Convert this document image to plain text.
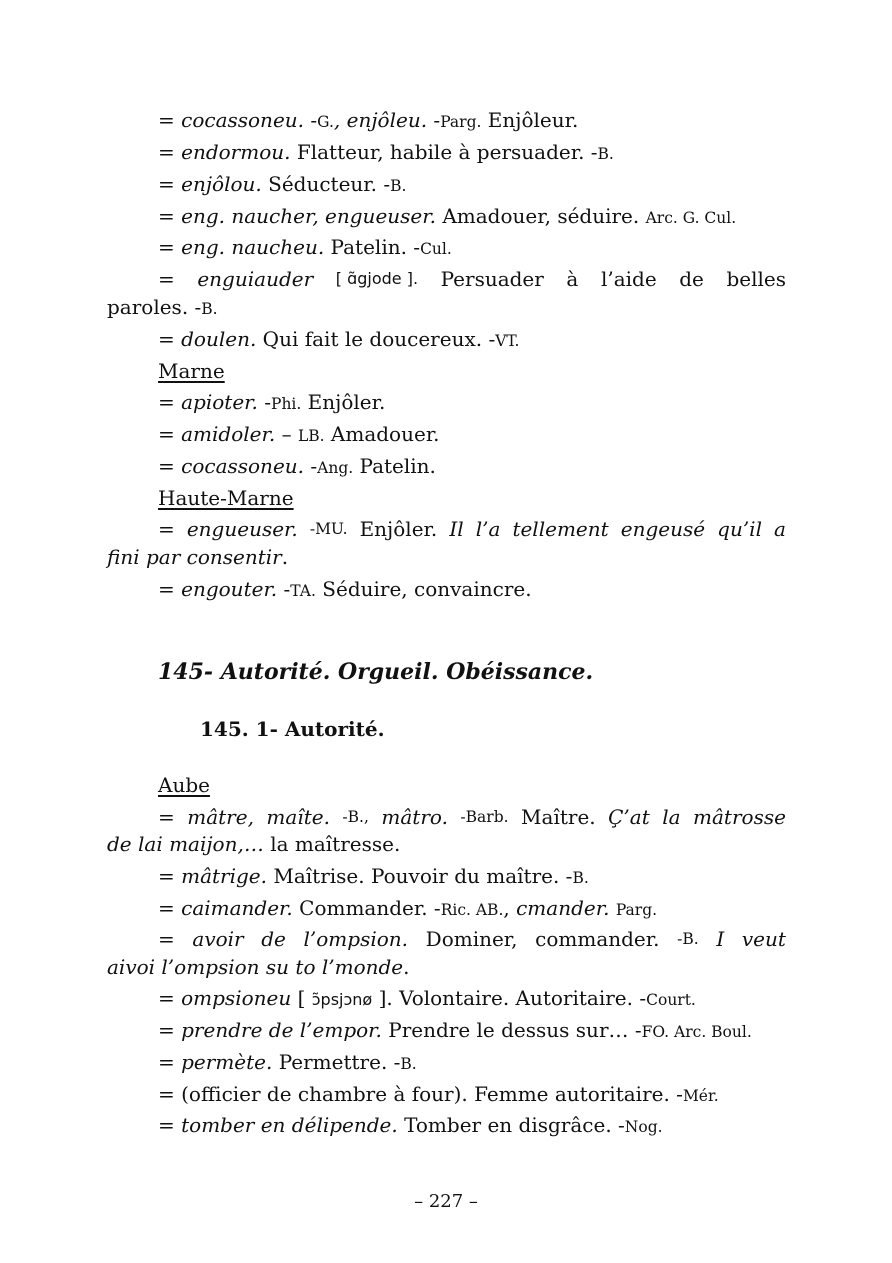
= cocassoneu. -G., enjôleu. -Parg. Enjôleur.
= endormou. Flatteur, habile à persuader. -B.
= enjôlou. Séducteur. -B.
= eng. naucher, engueuser. Amadouer, séduire. Arc. G. Cul.
= eng. naucheu. Patelin. -Cul.
= enguiauder [ ɑ̃gjode ]. Persuader à l’aide de belles
paroles. -B.
= doulen. Qui fait le doucereux. -VT.
Marne
= apioter. -Phi. Enjôler.
= amidoler. – LB. Amadouer.
= cocassoneu. -Ang. Patelin.
Haute-Marne
= engueuser. -MU. Enjôler. Il l’a tellement engeusé qu’il a
fini par consentir.
= engouter. -TA. Séduire, convaincre.
145- Autorité. Orgueil. Obéissance.
145. 1- Autorité.
Aube
= mâtre, maîte. -B., mâtro. -Barb. Maître. Ç’at la mâtrosse
de lai maijon,… la maîtresse.
= mâtrige. Maîtrise. Pouvoir du maître. -B.
= caimander. Commander. -Ric. AB., cmander. Parg.
= avoir de l’ompsion. Dominer, commander. -B. I veut
aivoi l’ompsion su to l’monde.
= ompsioneu [ ɔ̃psjɔnø ]. Volontaire. Autoritaire. -Court.
= prendre de l’empor. Prendre le dessus sur… -FO. Arc. Boul.
= permète. Permettre. -B.
= (officier de chambre à four). Femme autoritaire. -Mér.
= tomber en délipende. Tomber en disgrâce. -Nog.
– 227 –
